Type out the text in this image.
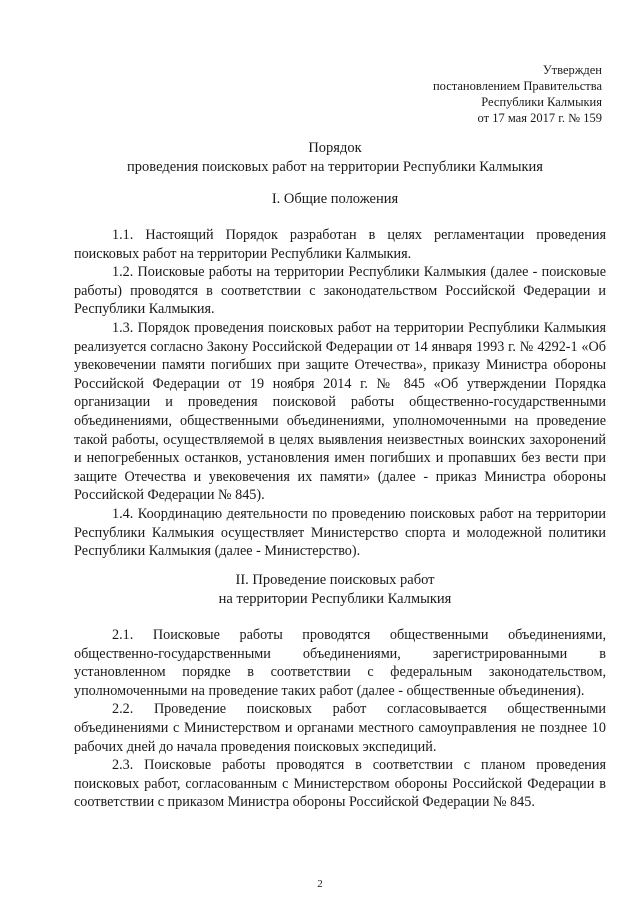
Утвержден
постановлением Правительства
Республики Калмыкия
от 17 мая 2017 г. № 159
Порядок
проведения поисковых работ на территории Республики Калмыкия
I. Общие положения

1.1. Настоящий Порядок разработан в целях регламентации проведения поисковых работ на территории Республики Калмыкия.

1.2. Поисковые работы на территории Республики Калмыкия (далее - поисковые работы) проводятся в соответствии с законодательством Российской Федерации и Республики Калмыкия.

1.3. Порядок проведения поисковых работ на территории Республики Калмыкия реализуется согласно Закону Российской Федерации от 14 января 1993 г. № 4292-1 «Об увековечении памяти погибших при защите Отечества», приказу Министра обороны Российской Федерации от 19 ноября 2014 г. № 845 «Об утверждении Порядка организации и проведения поисковой работы общественно-государственными объединениями, общественными объединениями, уполномоченными на проведение такой работы, осуществляемой в целях выявления неизвестных воинских захоронений и непогребенных останков, установления имен погибших и пропавших без вести при защите Отечества и увековечения их памяти» (далее - приказ Министра обороны Российской Федерации № 845).

1.4. Координацию деятельности по проведению поисковых работ на территории Республики Калмыкия осуществляет Министерство спорта и молодежной политики Республики Калмыкия (далее - Министерство).

II. Проведение поисковых работ
на территории Республики Калмыкия

2.1. Поисковые работы проводятся общественными объединениями, общественно-государственными объединениями, зарегистрированными в установленном порядке в соответствии с федеральным законодательством, уполномоченными на проведение таких работ (далее - общественные объединения).

2.2. Проведение поисковых работ согласовывается общественными объединениями с Министерством и органами местного самоуправления не позднее 10 рабочих дней до начала проведения поисковых экспедиций.

2.3. Поисковые работы проводятся в соответствии с планом проведения поисковых работ, согласованным с Министерством обороны Российской Федерации в соответствии с приказом Министра обороны Российской Федерации № 845.

2
